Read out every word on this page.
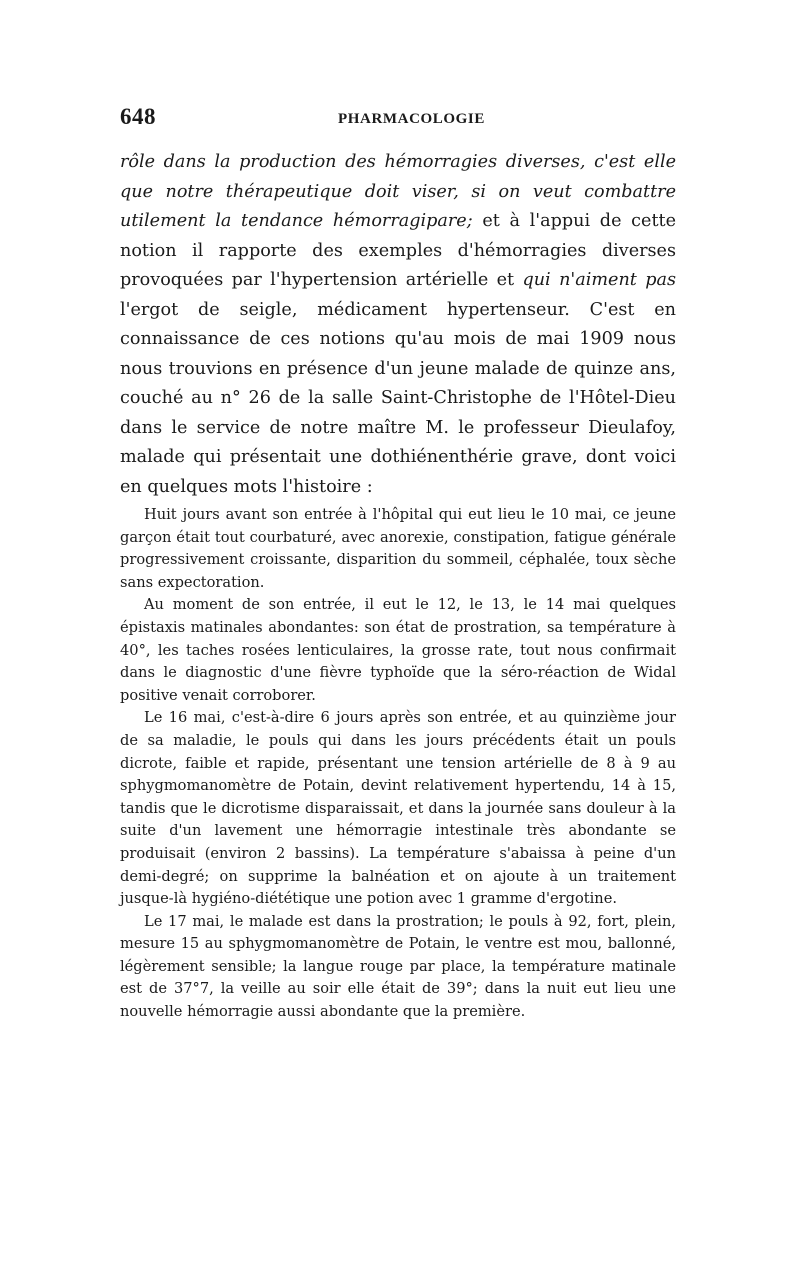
648	PHARMACOLOGIE

rôle dans la production des hémorragies diverses, c'est elle que notre thérapeutique doit viser, si on veut combattre utilement la tendance hémorragipare; et à l'appui de cette notion il rapporte des exemples d'hémorragies diverses provoquées par l'hypertension artérielle et qui n'aiment pas l'ergot de seigle, médicament hypertenseur. C'est en connaissance de ces notions qu'au mois de mai 1909 nous nous trouvions en présence d'un jeune malade de quinze ans, couché au n° 26 de la salle Saint-Christophe de l'Hôtel-Dieu dans le service de notre maître M. le professeur Dieulafoy, malade qui présentait une dothiénenthérie grave, dont voici en quelques mots l'histoire :

Huit jours avant son entrée à l'hôpital qui eut lieu le 10 mai, ce jeune garçon était tout courbaturé, avec anorexie, constipation, fatigue générale progressivement croissante, disparition du sommeil, céphalée, toux sèche sans expectoration.

Au moment de son entrée, il eut le 12, le 13, le 14 mai quelques épistaxis matinales abondantes: son état de prostration, sa température à 40°, les taches rosées lenticulaires, la grosse rate, tout nous confirmait dans le diagnostic d'une fièvre typhoïde que la séro-réaction de Widal positive venait corroborer.

Le 16 mai, c'est-à-dire 6 jours après son entrée, et au quinzième jour de sa maladie, le pouls qui dans les jours précédents était un pouls dicrote, faible et rapide, présentant une tension artérielle de 8 à 9 au sphygmomanomètre de Potain, devint relativement hypertendu, 14 à 15, tandis que le dicrotisme disparaissait, et dans la journée sans douleur à la suite d'un lavement une hémorragie intestinale très abondante se produisait (environ 2 bassins). La température s'abaissa à peine d'un demi-degré; on supprime la balnéation et on ajoute à un traitement jusque-là hygiéno-diététique une potion avec 1 gramme d'ergotine.

Le 17 mai, le malade est dans la prostration; le pouls à 92, fort, plein, mesure 15 au sphygmomanomètre de Potain, le ventre est mou, ballonné, légèrement sensible; la langue rouge par place, la température matinale est de 37°7, la veille au soir elle était de 39°; dans la nuit eut lieu une nouvelle hémorragie aussi abondante que la première.
